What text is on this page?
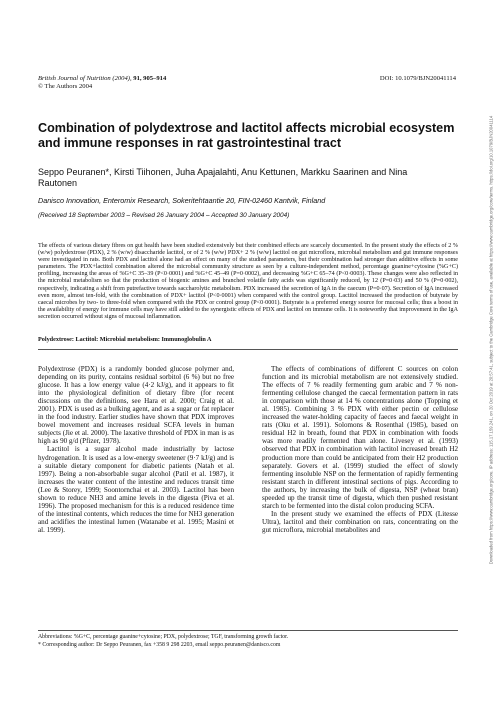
British Journal of Nutrition (2004), 91, 905–914
© The Authors 2004
DOI: 10.1079/BJN20041114
Combination of polydextrose and lactitol affects microbial ecosystem and immune responses in rat gastrointestinal tract
Seppo Peuranen*, Kirsti Tiihonen, Juha Apajalahti, Anu Kettunen, Markku Saarinen and Nina Rautonen
Danisco Innovation, Enteromix Research, Sokeritehtaantie 20, FIN-02460 Kantvik, Finland
(Received 18 September 2003 – Revised 26 January 2004 – Accepted 30 January 2004)

The effects of various dietary fibres on gut health have been studied extensively but their combined effects are scarcely documented. In the present study the effects of 2 % (w/w) polydextrose (PDX), 2 % (w/w) disaccharide lactitol, or of 2 % (w/w) PDX+ 2 % (w/w) lactitol on gut microflora, microbial metabolism and gut immune responses were investigated in rats. Both PDX and lactitol alone had an effect on many of the studied parameters, but their combination had stronger than additive effects in some parameters. The PDX+lactitol combination altered the microbial community structure as seen by a culture-independent method, percentage guanine+cytosine (%G+C) profiling, increasing the areas of %G+C 35–39 (P<0·0001) and %G+C 45–49 (P=0·0002), and decreasing %G+C 65–74 (P<0·0003). These changes were also reflected in the microbial metabolism so that the production of biogenic amines and branched volatile fatty acids was significantly reduced, by 12 (P=0·03) and 50 % (P=0·002), respectively, indicating a shift from putrefactive towards saccharolytic metabolism. PDX increased the secretion of IgA in the caecum (P=0·07). Secretion of IgA increased even more, almost ten-fold, with the combination of PDX+ lactitol (P<0·0001) when compared with the control group. Lactitol increased the production of butyrate by caecal microbes by two- to three-fold when compared with the PDX or control group (P<0·0001). Butyrate is a preferred energy source for mucosal cells; thus a boost in the availability of energy for immune cells may have still added to the synergistic effects of PDX and lactitol on immune cells. It is noteworthy that improvement in the IgA secretion occurred without signs of mucosal inflammation.

Polydextrose: Lactitol: Microbial metabolism: Immunoglobulin A

Polydextrose (PDX) is a randomly bonded glucose polymer and, depending on its purity, contains residual sorbitol (6 %) but no free glucose. It has a low energy value (4·2 kJ/g), and it appears to fit into the physiological definition of dietary fibre (for recent discussions on the definitions, see Hara et al. 2000; Craig et al. 2001). PDX is used as a bulking agent, and as a sugar or fat replacer in the food industry. Earlier studies have shown that PDX improves bowel movement and increases residual SCFA levels in human subjects (Jie et al. 2000). The laxative threshold of PDX in man is as high as 90 g/d (Pfizer, 1978).

Lactitol is a sugar alcohol made industrially by lactose hydrogenation. It is used as a low-energy sweetener (9·7 kJ/g) and is a suitable dietary component for diabetic patients (Natah et al. 1997). Being a non-absorbable sugar alcohol (Patil et al. 1987), it increases the water content of the intestine and reduces transit time (Lee & Storey, 1999; Soontornchai et al. 2003). Lactitol has been shown to reduce NH3 and amine levels in the digesta (Piva et al. 1996). The proposed mechanism for this is a reduced residence time of the intestinal contents, which reduces the time for NH3 generation and acidifies the intestinal lumen (Watanabe et al. 1995; Masini et al. 1999).

The effects of combinations of different C sources on colon function and its microbial metabolism are not extensively studied. The effects of 7 % readily fermenting gum arabic and 7 % non-fermenting cellulose changed the caecal fermentation pattern in rats in comparison with those at 14 % concentrations alone (Topping et al. 1985). Combining 3 % PDX with either pectin or cellulose increased the water-holding capacity of faeces and faecal weight in rats (Oku et al. 1991). Solomons & Rosenthal (1985), based on residual H2 in breath, found that PDX in combination with foods was more readily fermented than alone. Livesey et al. (1993) observed that PDX in combination with lactitol increased breath H2 production more than could be anticipated from their H2 production separately. Govers et al. (1999) studied the effect of slowly fermenting insoluble NSP on the fermentation of rapidly fermenting resistant starch in different intestinal sections of pigs. According to the authors, by increasing the bulk of digesta, NSP (wheat bran) speeded up the transit time of digesta, which then pushed resistant starch to be fermented into the distal colon producing SCFA.

In the present study we examined the effects of PDX (Litesse Ultra), lactitol and their combination on rats, concentrating on the gut microflora, microbial metabolites and

Abbreviations: %G+C, percentage guanine+cytosine; PDX, polydextrose; TGF, transforming growth factor.
* Corresponding author: Dr Seppo Peuranen, fax +358 9 298 2203, email seppo.peuranen@danisco.com
Downloaded from https://www.cambridge.org/core. IP address: 115.17.159.241, on 20 Oct 2019 at 20:57:41, subject to the Cambridge Core terms of use, available at https://www.cambridge.org/core/terms. https://doi.org/10.1079/BJN20041114
